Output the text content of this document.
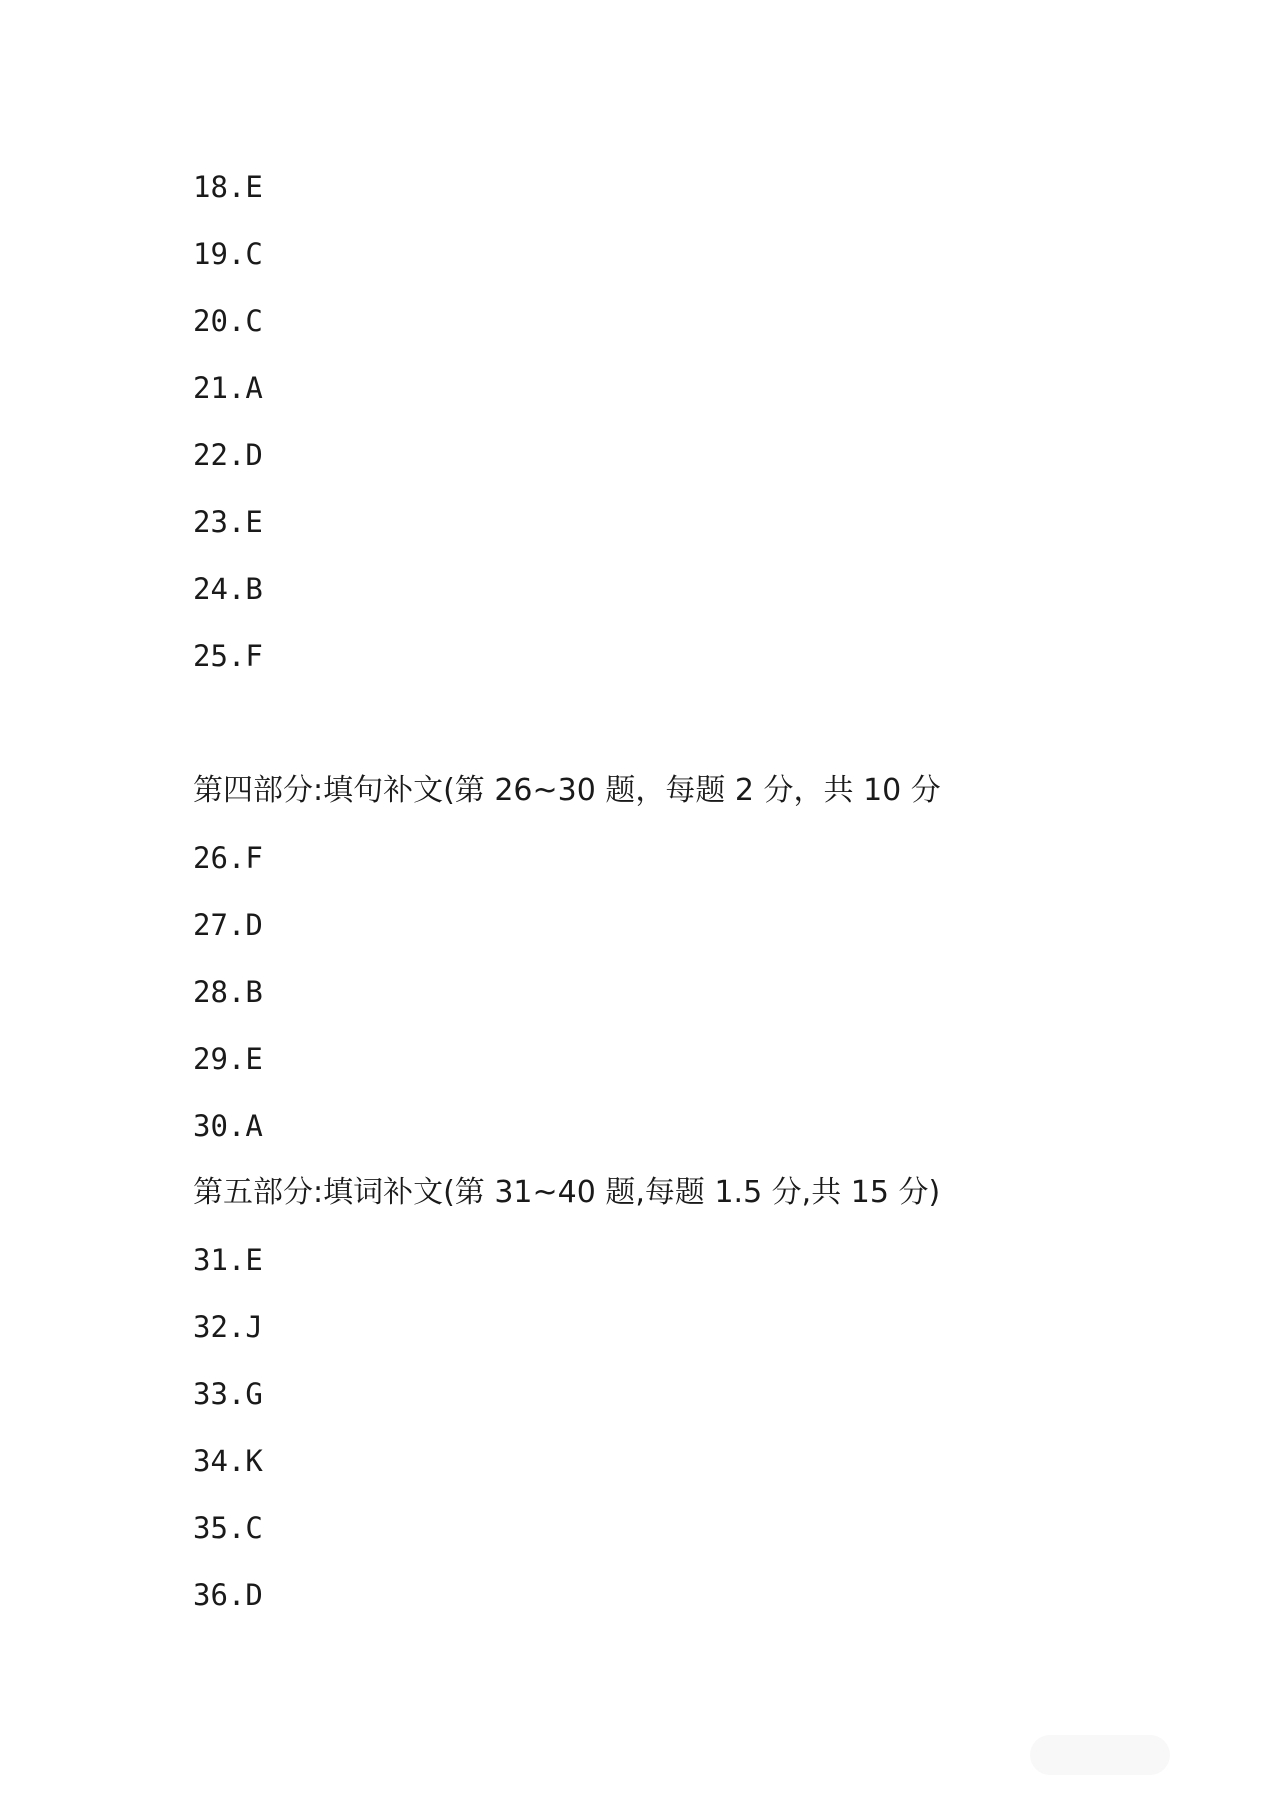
18.E
19.C
20.C
21.A
22.D
23.E
24.B
25.F
第四部分:填句补文(第 26~30 题，每题 2 分，共 10 分
26.F
27.D
28.B
29.E
30.A
第五部分:填词补文(第 31~40 题,每题 1.5 分,共 15 分)
31.E
32.J
33.G
34.K
35.C
36.D
